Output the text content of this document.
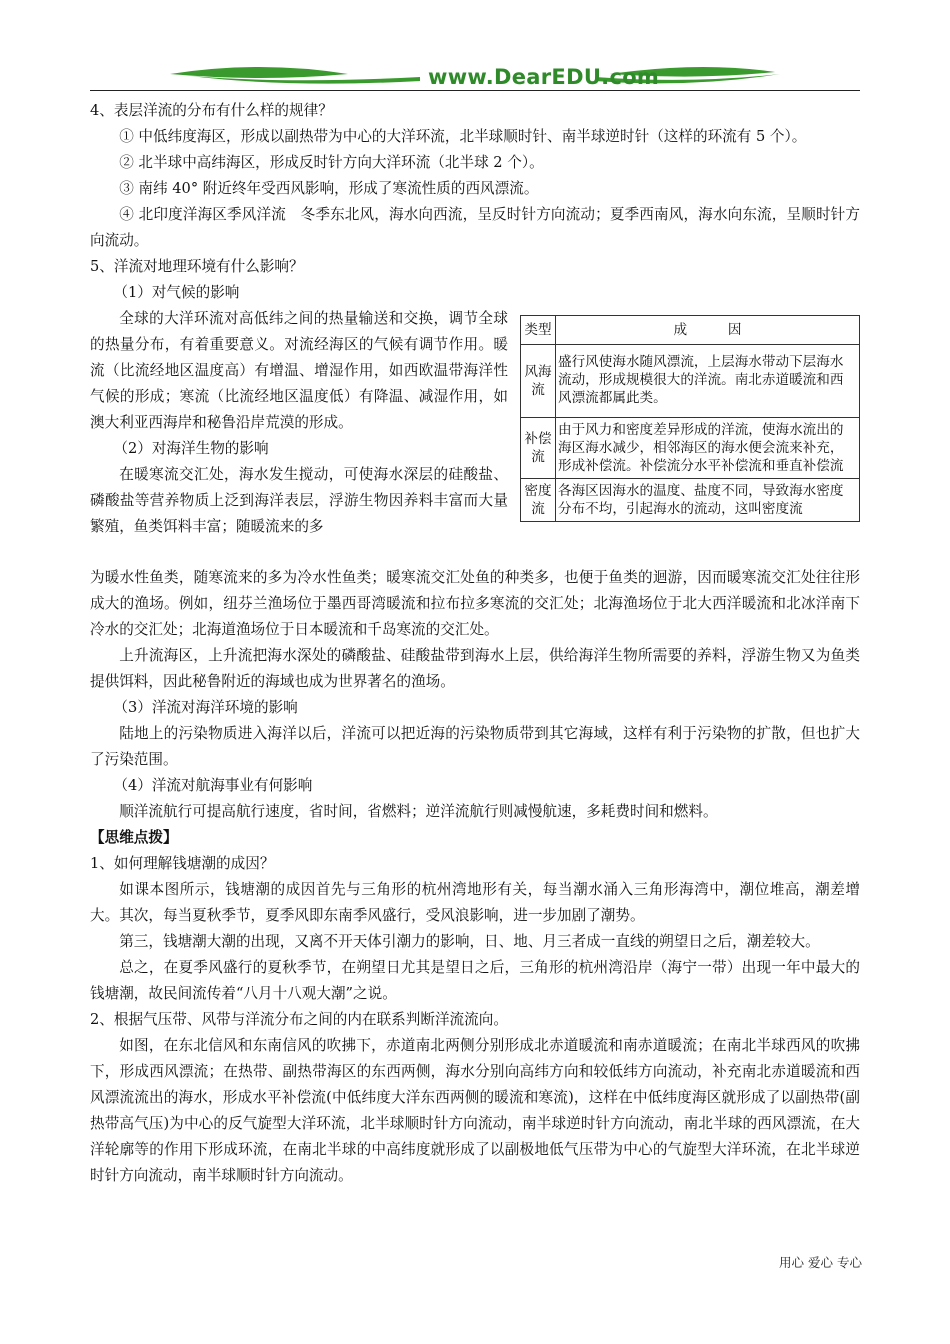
www.DearEDU.com

4、表层洋流的分布有什么样的规律？

① 中低纬度海区，形成以副热带为中心的大洋环流，北半球顺时针、南半球逆时针（这样的环流有 5 个）。

② 北半球中高纬海区，形成反时针方向大洋环流（北半球 2 个）。

③ 南纬 40° 附近终年受西风影响，形成了寒流性质的西风漂流。

④ 北印度洋海区季风洋流　冬季东北风，海水向西流，呈反时针方向流动；夏季西南风，海水向东流，呈顺时针方向流动。

5、洋流对地理环境有什么影响？

（1）对气候的影响

全球的大洋环流对高低纬之间的热量输送和交换，调节全球的热量分布，有着重要意义。对流经海区的气候有调节作用。暖流（比流经地区温度高）有增温、增湿作用，如西欧温带海洋性气候的形成；寒流（比流经地区温度低）有降温、减湿作用，如澳大利亚西海岸和秘鲁沿岸荒漠的形成。

（2）对海洋生物的影响

在暖寒流交汇处，海水发生搅动，可使海水深层的硅酸盐、磷酸盐等营养物质上泛到海洋表层，浮游生物因养料丰富而大量繁殖，鱼类饵料丰富；随暖流来的多

类型	成　　　因
风海流	盛行风使海水随风漂流，上层海水带动下层海水流动，形成规模很大的洋流。南北赤道暖流和西风漂流都属此类。
补偿流	由于风力和密度差异形成的洋流，使海水流出的海区海水减少，相邻海区的海水便会流来补充，形成补偿流。补偿流分水平补偿流和垂直补偿流
密度流	各海区因海水的温度、盐度不同，导致海水密度分布不均，引起海水的流动，这叫密度流

为暖水性鱼类，随寒流来的多为冷水性鱼类；暖寒流交汇处鱼的种类多，也便于鱼类的迴游，因而暖寒流交汇处往往形成大的渔场。例如，纽芬兰渔场位于墨西哥湾暖流和拉布拉多寒流的交汇处；北海渔场位于北大西洋暖流和北冰洋南下冷水的交汇处；北海道渔场位于日本暖流和千岛寒流的交汇处。

上升流海区，上升流把海水深处的磷酸盐、硅酸盐带到海水上层，供给海洋生物所需要的养料，浮游生物又为鱼类提供饵料，因此秘鲁附近的海域也成为世界著名的渔场。

（3）洋流对海洋环境的影响

陆地上的污染物质进入海洋以后，洋流可以把近海的污染物质带到其它海域，这样有利于污染物的扩散，但也扩大了污染范围。

（4）洋流对航海事业有何影响

顺洋流航行可提高航行速度，省时间，省燃料；逆洋流航行则减慢航速，多耗费时间和燃料。

【思维点拨】

1、如何理解钱塘潮的成因？

如课本图所示，钱塘潮的成因首先与三角形的杭州湾地形有关，每当潮水涌入三角形海湾中，潮位堆高，潮差增大。其次，每当夏秋季节，夏季风即东南季风盛行，受风浪影响，进一步加剧了潮势。

第三，钱塘潮大潮的出现，又离不开天体引潮力的影响，日、地、月三者成一直线的朔望日之后，潮差较大。

总之，在夏季风盛行的夏秋季节，在朔望日尤其是望日之后，三角形的杭州湾沿岸（海宁一带）出现一年中最大的钱塘潮，故民间流传着“八月十八观大潮”之说。

2、根据气压带、风带与洋流分布之间的内在联系判断洋流流向。

如图，在东北信风和东南信风的吹拂下，赤道南北两侧分别形成北赤道暖流和南赤道暖流；在南北半球西风的吹拂下，形成西风漂流；在热带、副热带海区的东西两侧，海水分别向高纬方向和较低纬方向流动，补充南北赤道暖流和西风漂流流出的海水，形成水平补偿流(中低纬度大洋东西两侧的暖流和寒流)，这样在中低纬度海区就形成了以副热带(副热带高气压)为中心的反气旋型大洋环流，北半球顺时针方向流动，南半球逆时针方向流动，南北半球的西风漂流，在大洋轮廓等的作用下形成环流，在南北半球的中高纬度就形成了以副极地低气压带为中心的气旋型大洋环流，在北半球逆时针方向流动，南半球顺时针方向流动。

用心 爱心 专心
